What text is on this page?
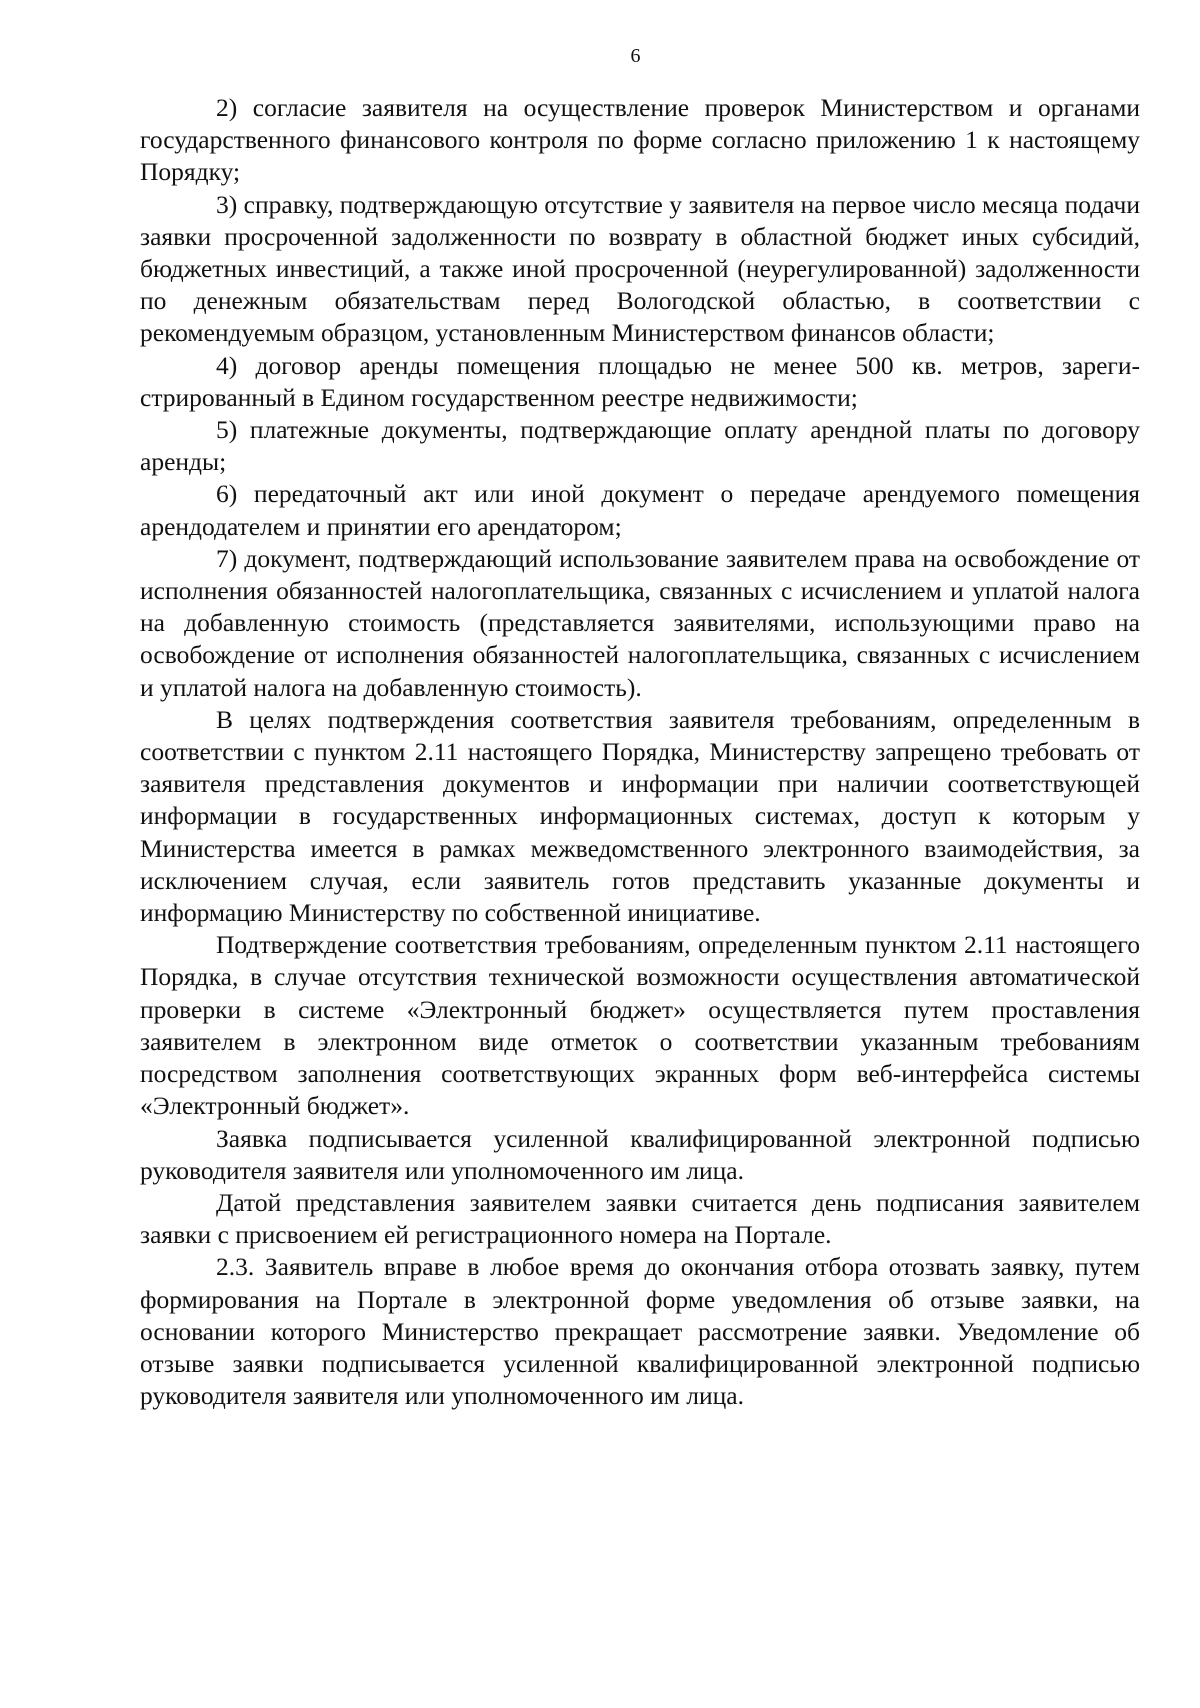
6

2) согласие заявителя на осуществление проверок Министерством и органами государственного финансового контроля по форме согласно приложению 1 к настоящему Порядку;

3) справку, подтверждающую отсутствие у заявителя на первое число месяца подачи заявки просроченной задолженности по возврату в областной бюджет иных субсидий, бюджетных инвестиций, а также иной просроченной (неурегулированной) задолженности по денежным обязательствам перед Вологодской областью, в соответствии с рекомендуемым образцом, установленным Министерством финансов области;

4) договор аренды помещения площадью не менее 500 кв. метров, зарегистрированный в Едином государственном реестре недвижимости;

5) платежные документы, подтверждающие оплату арендной платы по договору аренды;

6) передаточный акт или иной документ о передаче арендуемого помещения арендодателем и принятии его арендатором;

7) документ, подтверждающий использование заявителем права на освобождение от исполнения обязанностей налогоплательщика, связанных с исчислением и уплатой налога на добавленную стоимость (представляется заявителями, использующими право на освобождение от исполнения обязанностей налогоплательщика, связанных с исчислением и уплатой налога на добавленную стоимость).

В целях подтверждения соответствия заявителя требованиям, определенным в соответствии с пунктом 2.11 настоящего Порядка, Министерству запрещено требовать от заявителя представления документов и информации при наличии соответствующей информации в государственных информационных системах, доступ к которым у Министерства имеется в рамках межведомственного электронного взаимодействия, за исключением случая, если заявитель готов представить указанные документы и информацию Министерству по собственной инициативе.

Подтверждение соответствия требованиям, определенным пунктом 2.11 настоящего Порядка, в случае отсутствия технической возможности осуществления автоматической проверки в системе «Электронный бюджет» осуществляется путем проставления заявителем в электронном виде отметок о соответствии указанным требованиям посредством заполнения соответствующих экранных форм веб-интерфейса системы «Электронный бюджет».

Заявка подписывается усиленной квалифицированной электронной подписью руководителя заявителя или уполномоченного им лица.

Датой представления заявителем заявки считается день подписания заявителем заявки с присвоением ей регистрационного номера на Портале.

2.3. Заявитель вправе в любое время до окончания отбора отозвать заявку, путем формирования на Портале в электронной форме уведомления об отзыве заявки, на основании которого Министерство прекращает рассмотрение заявки. Уведомление об отзыве заявки подписывается усиленной квалифицированной электронной подписью руководителя заявителя или уполномоченного им лица.
